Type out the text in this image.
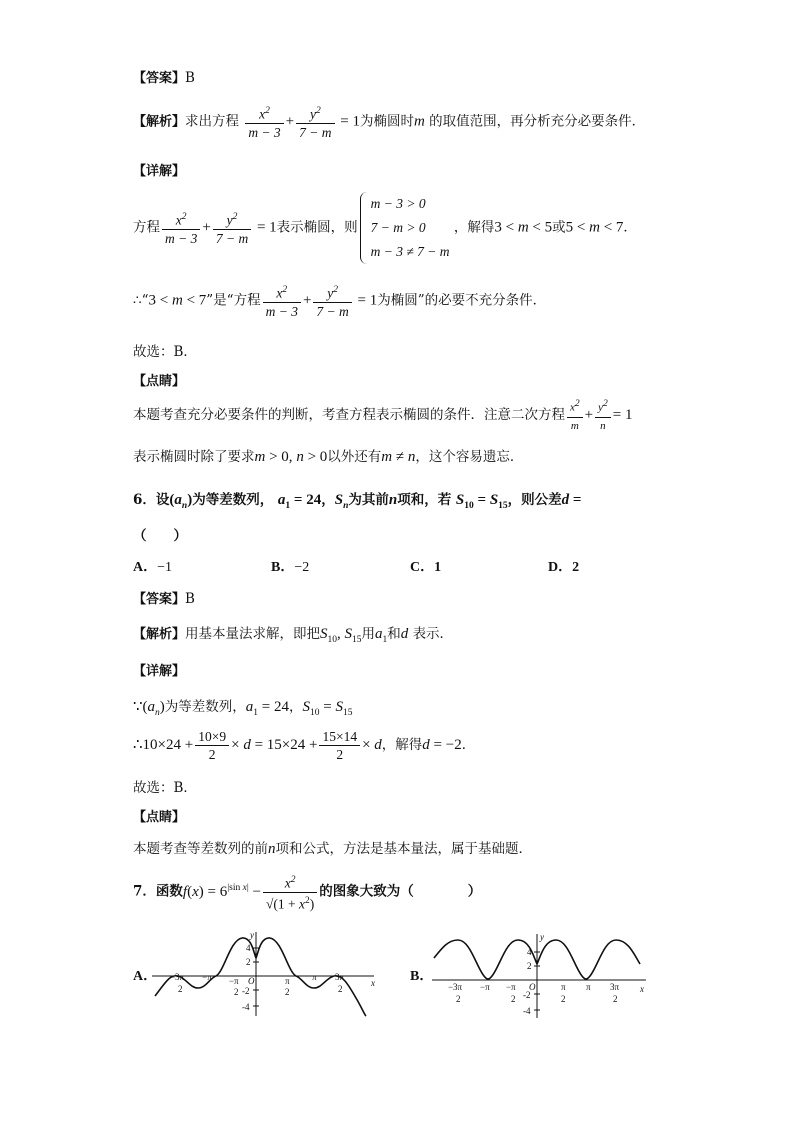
【答案】B
【解析】求出方程 $\frac{x^2}{m - 3} + \frac{y^2}{7 - m} = 1$为椭圆时m 的取值范围，再分析充分必要条件．
【详解】
方程 $\frac{x^2}{m - 3} + \frac{y^2}{7 - m} = 1$表示椭圆，则
m − 3 > 0
7 − m > 0
m − 3 ≠ 7 − m
，解得3 < m < 5或5 < m < 7．
∴“3 < m < 7”是“方程 $\frac{x^2}{m - 3} + \frac{y^2}{7 - m} = 1$为椭圆”的必要不充分条件．
故选：B．
【点睛】
本题考查充分必要条件的判断，考查方程表示椭圆的条件．注意二次方程 $\frac{x^2}{m} + \frac{y^2}{n} = 1$
表示椭圆时除了要求m > 0, n > 0以外还有m ≠ n，这个容易遗忘．
6．设$(a_n)$为等差数列， $a_1 = 24$，$S_n$为其前n项和，若 $S_{10} = S_{15}$，则公差d =
（　　）
A．−1	B．−2	C．1	D．2
【答案】B
【解析】用基本量法求解，即把$S_{10}$, $S_{15}$用$a_1$和d 表示．
【详解】
$\because(a_n)$为等差数列，$a_1 = 24$，$S_{10} = S_{15}$
∴10×24 + $\frac{10\times 9}{2} \times d = 15\times 24 + \frac{15\times 14}{2} \times d$，解得d = −2．
故选：B．
【点睛】
本题考查等差数列的前n项和公式，方法是基本量法，属于基础题．
7．函数$f(x) = 6^{|sin x|} - \frac{x^2}{√(1 + x^2)}$ 的图象大致为（　　　　）
A．
y
x
O
4
2
-2
-4
− 3π
2
−π − π
2
π
2
π 3π
2
B．
y
x
O
4
2
-2
-4
− 3π
2
−π − π
2
π
2
π 3π
2
